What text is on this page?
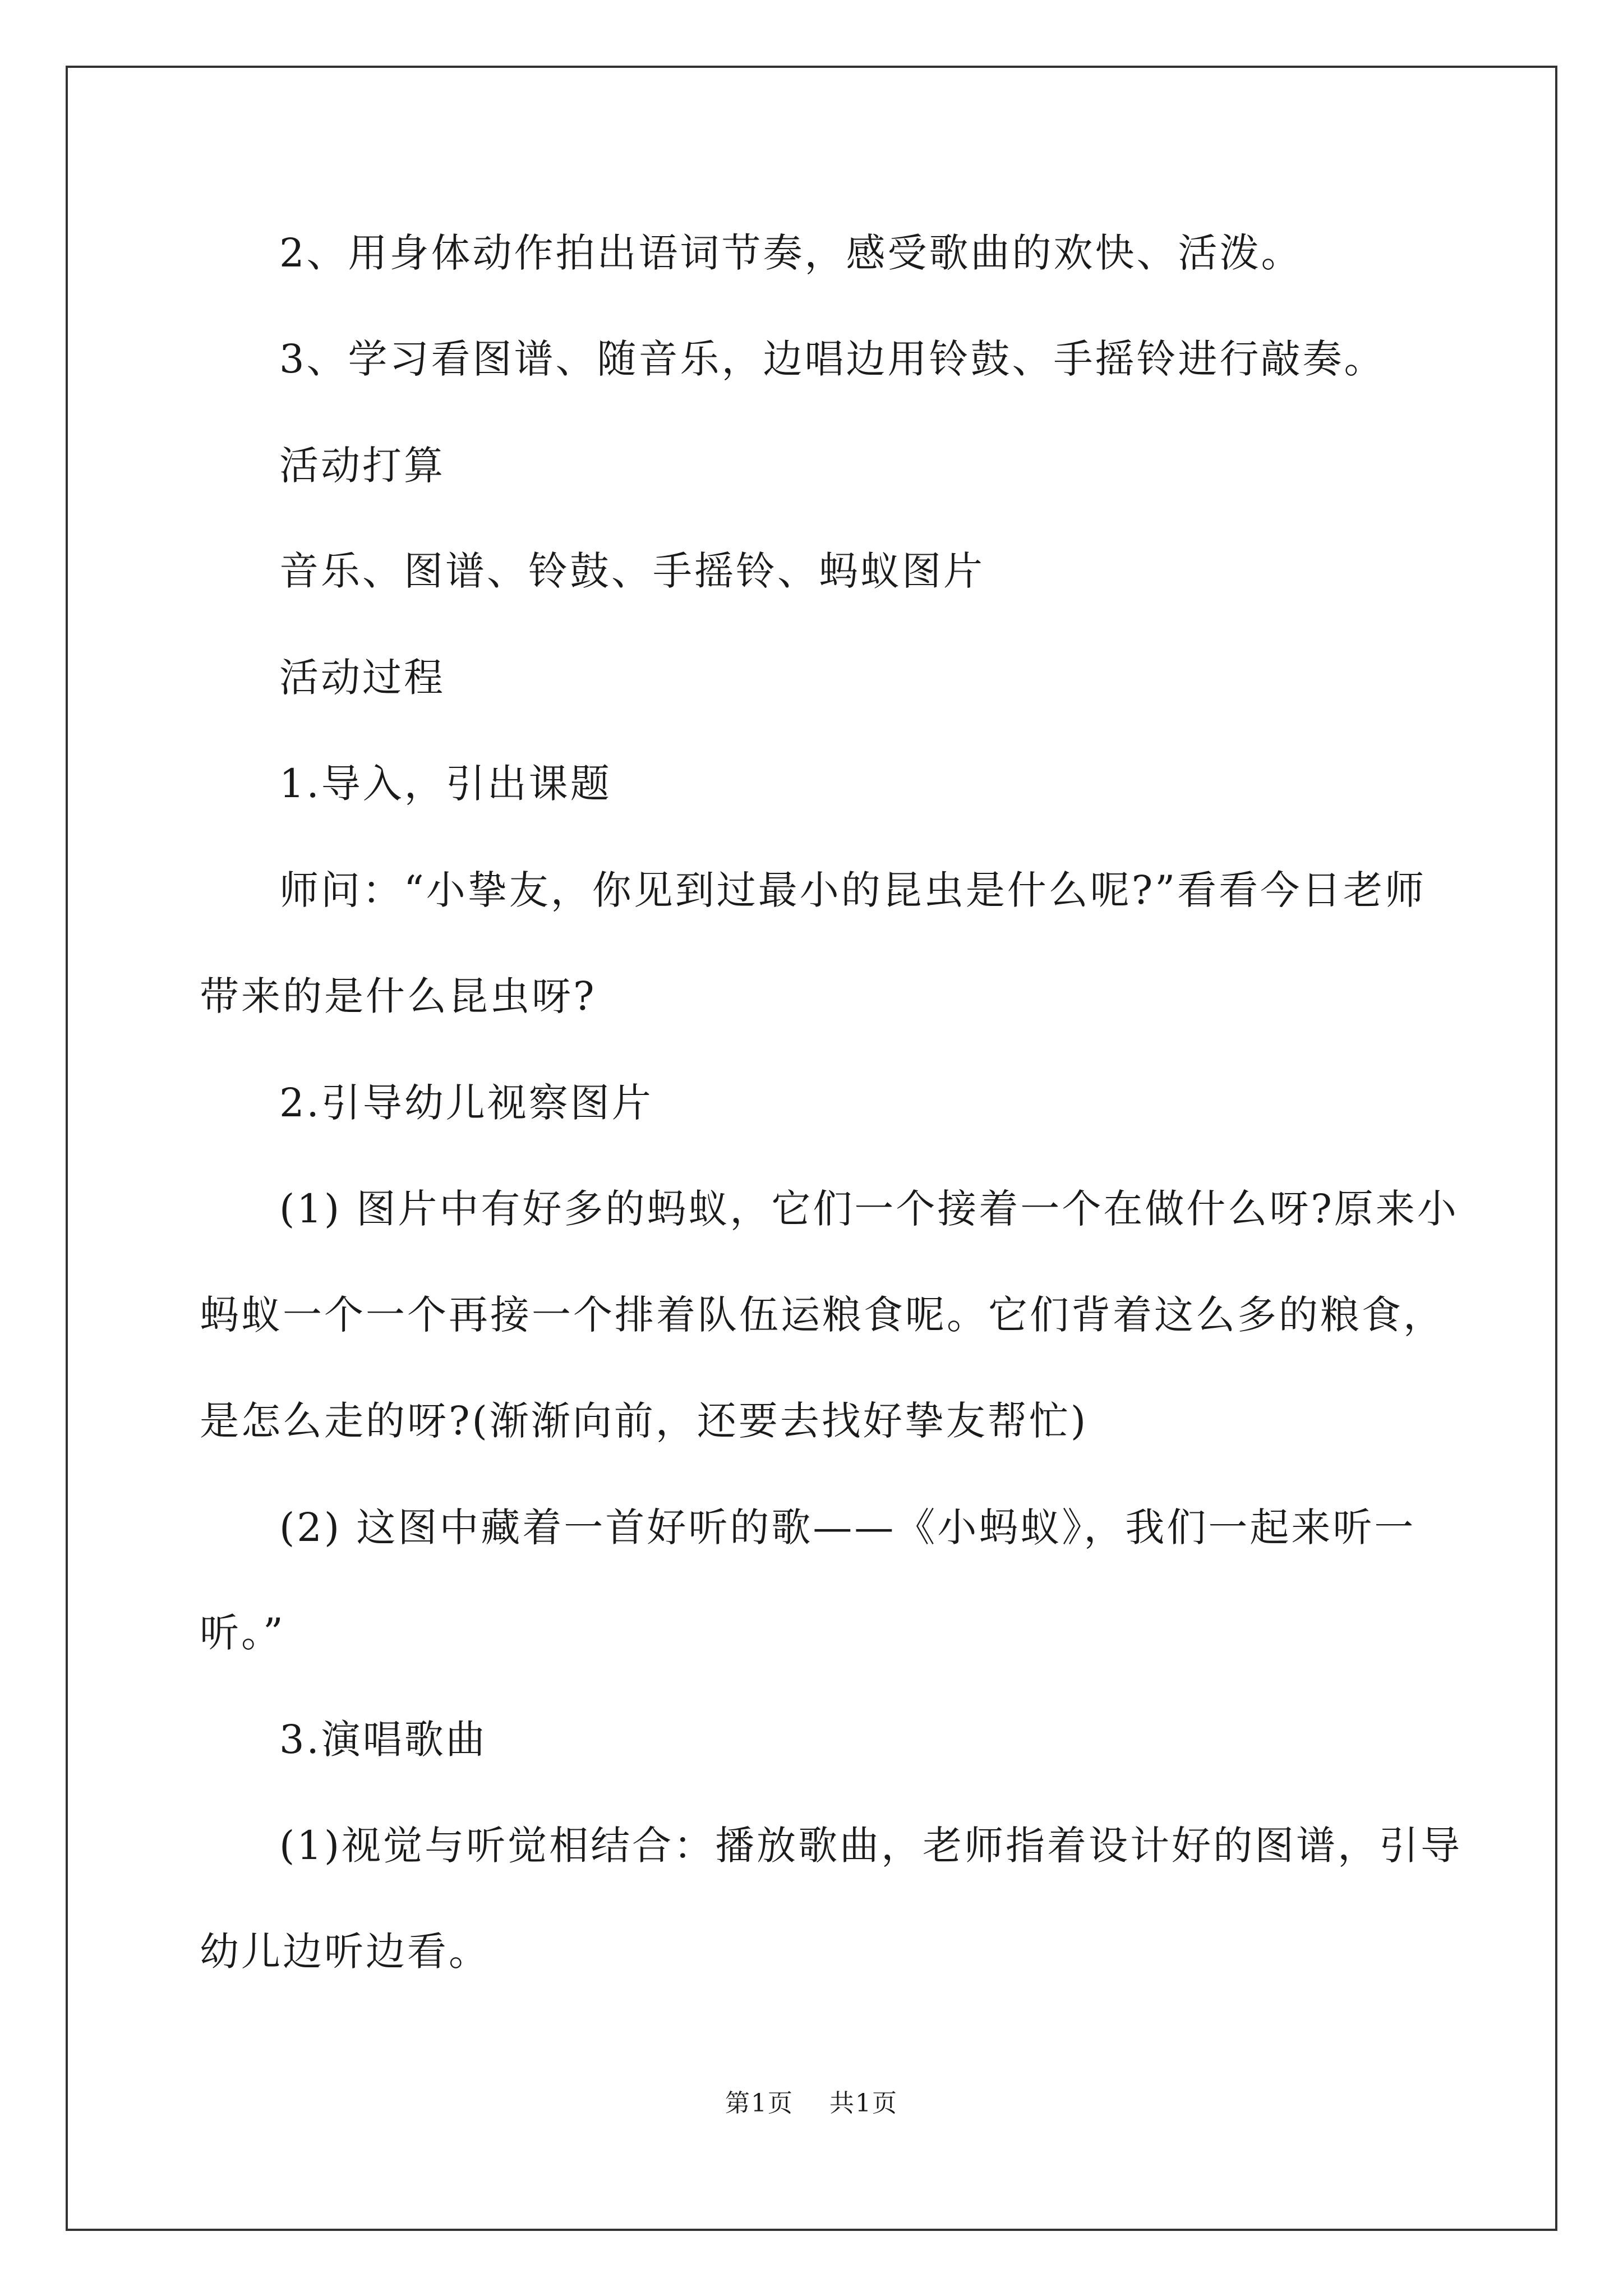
2、用身体动作拍出语词节奏，感受歌曲的欢快、活泼。
3、学习看图谱、随音乐，边唱边用铃鼓、手摇铃进行敲奏。
活动打算
音乐、图谱、铃鼓、手摇铃、蚂蚁图片
活动过程
1.导入，引出课题
师问：“小挚友，你见到过最小的昆虫是什么呢?”看看今日老师
带来的是什么昆虫呀?
2.引导幼儿视察图片
(1) 图片中有好多的蚂蚁，它们一个接着一个在做什么呀?原来小
蚂蚁一个一个再接一个排着队伍运粮食呢。它们背着这么多的粮食，
是怎么走的呀?(渐渐向前，还要去找好挚友帮忙)
(2) 这图中藏着一首好听的歌——《小蚂蚁》，我们一起来听一
听。”
3.演唱歌曲
(1)视觉与听觉相结合：播放歌曲，老师指着设计好的图谱，引导
幼儿边听边看。
第1页 共1页
